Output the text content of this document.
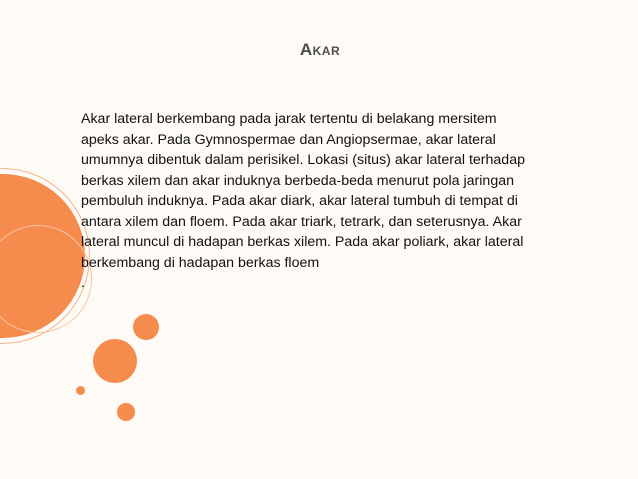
Akar
Akar lateral berkembang pada jarak tertentu di belakang mersitem
apeks akar. Pada Gymnospermae dan Angiopsermae, akar lateral
umumnya dibentuk dalam perisikel. Lokasi (situs) akar lateral terhadap
berkas xilem dan akar induknya berbeda-beda menurut pola jaringan
pembuluh induknya. Pada akar diark, akar lateral tumbuh di tempat di
antara xilem dan floem. Pada akar triark, tetrark, dan seterusnya. Akar
lateral muncul di hadapan berkas xilem. Pada akar poliark, akar lateral
berkembang di hadapan berkas floem
.
